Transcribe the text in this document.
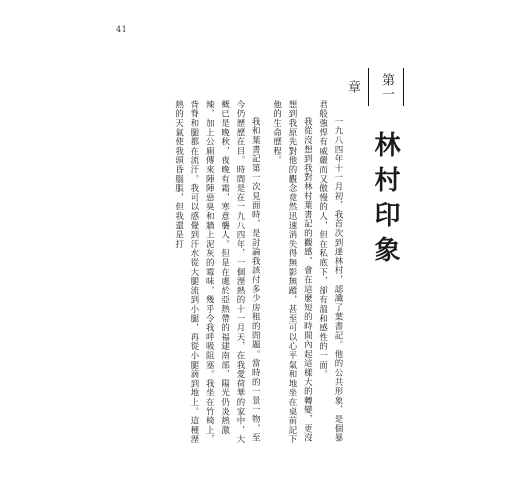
41
第一章
林村印象

一九八四年十一月初，我首次到達林村，認識了葉書記。他的公共形象，是個暴君般強悍有威嚴而又傲慢的人，但在私底下，卻有溫和感性的一面。

我從沒想到我對林村葉書記的觀感，會在這麼短的時間內起這樣大的轉變，更沒想到我原先對他的觀念竟然迅速消失得無影無蹤，甚至可以心平氣和地坐在桌前記下他的生命歷程。

我和葉書記第一次見面時，是討論我該付多少房租的問題。當時的一景一物，至今仍歷歷在目。時間是在一九八四年，一個溼熱的十一月天，在我愛荷華的家中，大概已是晚秋，夜晚有霜，寒意襲人。但是在處於亞熱帶的福建南部，陽光仍炎熱激辣，加上公廁傳來陣陣惡臭和牆上泥灰的霉味，幾乎令我呼吸阻塞。我坐在竹椅上，背脊和腿都在流汗。我可以感覺到汗水從大腿流到小腿，再從小腿滴到地上。這種溼熱的天氣使我頭昏腦脹，但我還是打
